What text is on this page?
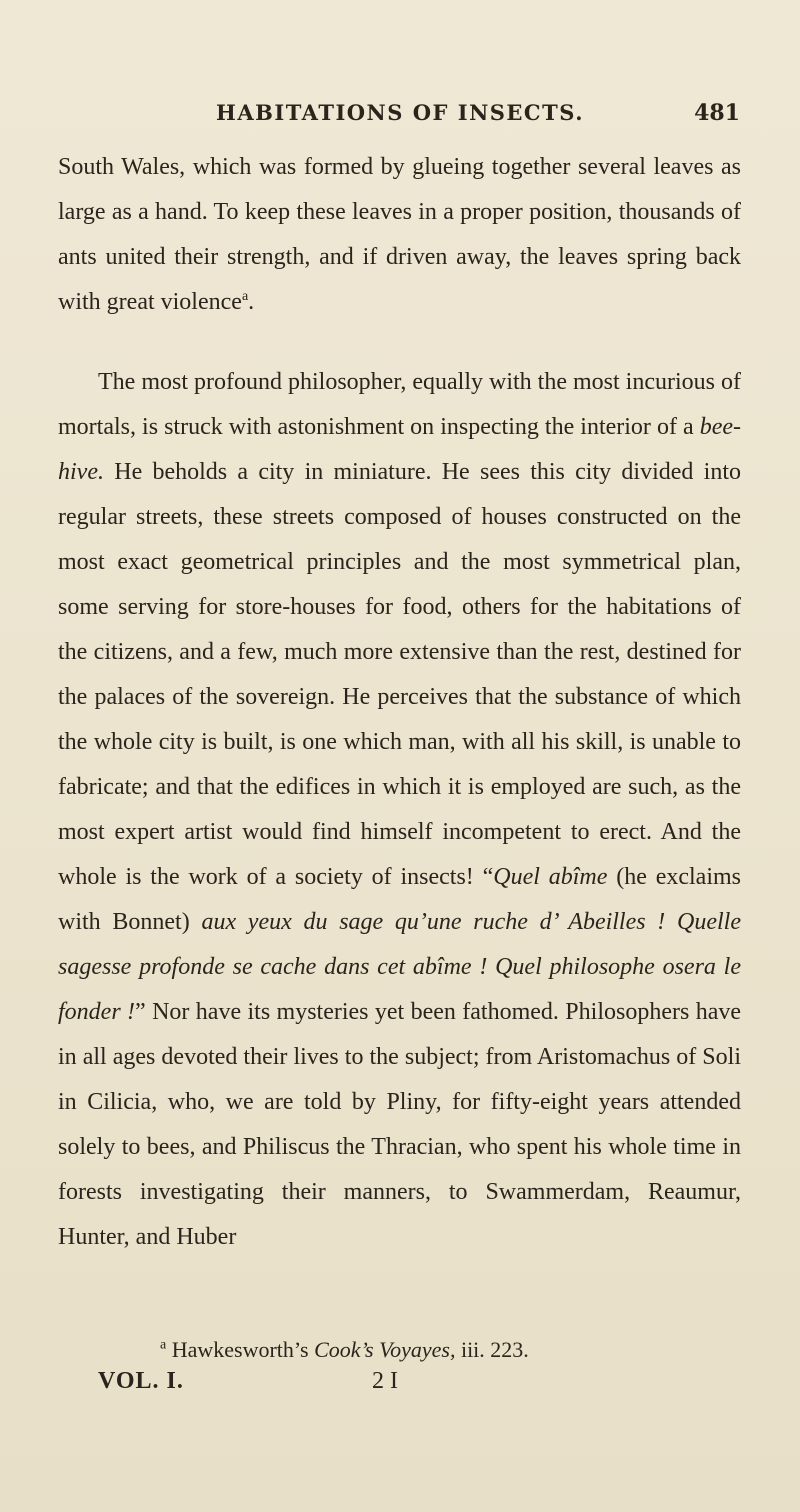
HABITATIONS OF INSECTS.	481

South Wales, which was formed by glueing together several leaves as large as a hand. To keep these leaves in a proper position, thousands of ants united their strength, and if driven away, the leaves spring back with great violence$^a$.

The most profound philosopher, equally with the most incurious of mortals, is struck with astonishment on inspecting the interior of a bee-hive. He beholds a city in miniature. He sees this city divided into regular streets, these streets composed of houses constructed on the most exact geometrical principles and the most symmetrical plan, some serving for store-houses for food, others for the habitations of the citizens, and a few, much more extensive than the rest, destined for the palaces of the sovereign. He perceives that the substance of which the whole city is built, is one which man, with all his skill, is unable to fabricate; and that the edifices in which it is employed are such, as the most expert artist would find himself incompetent to erect. And the whole is the work of a society of insects! “Quel abîme (he exclaims with Bonnet) aux yeux du sage qu’une ruche d’ Abeilles ! Quelle sagesse profonde se cache dans cet abîme ! Quel philosophe osera le fonder !” Nor have its mysteries yet been fathomed. Philosophers have in all ages devoted their lives to the subject; from Aristomachus of Soli in Cilicia, who, we are told by Pliny, for fifty-eight years attended solely to bees, and Philiscus the Thracian, who spent his whole time in forests investigating their manners, to Swammerdam, Reaumur, Hunter, and Huber

$^a$ Hawkesworth’s Cook’s Voyayes, iii. 223.
VOL. I.	2 I
